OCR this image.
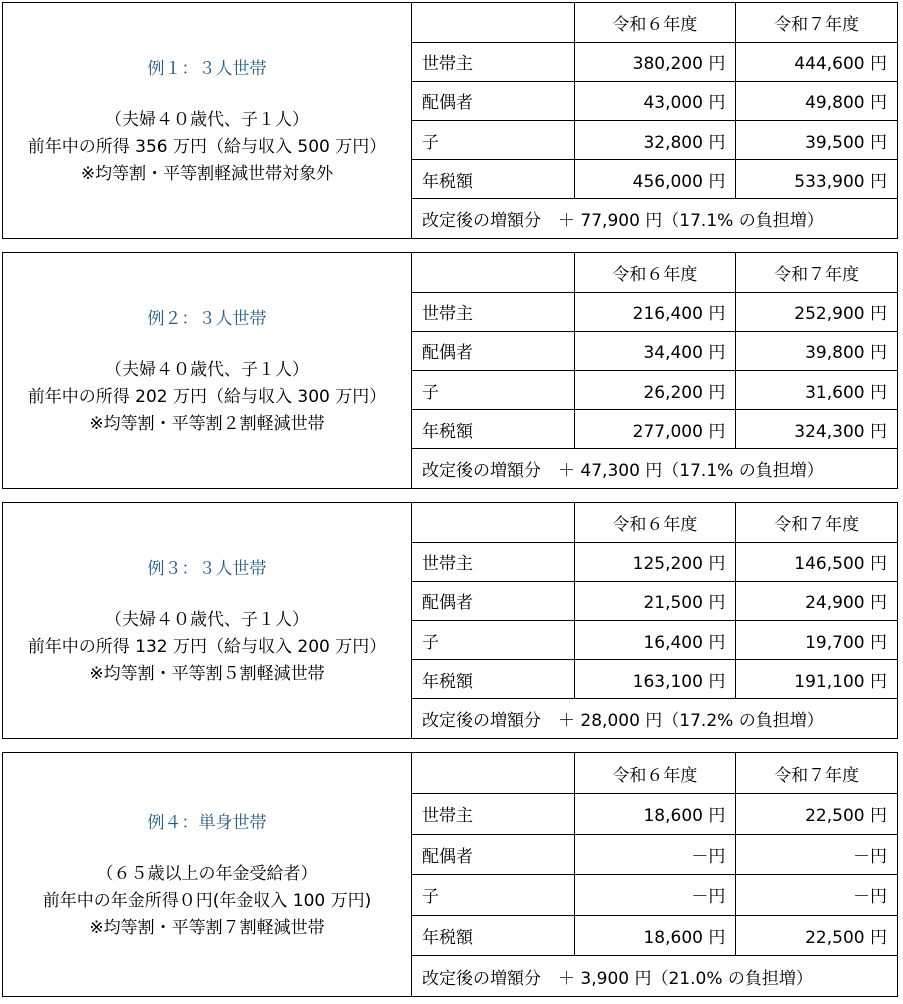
例１：３人世帯
（夫婦４０歳代、子１人）
前年中の所得 356 万円（給与収入 500 万円）
※均等割・平等割軽減世帯対象外
	令和６年度	令和７年度
世帯主	380,200 円	444,600 円
配偶者	43,000 円	49,800 円
子	32,800 円	39,500 円
年税額	456,000 円	533,900 円
改定後の増額分　 ＋ 77,900 円（17.1% の負担増）		
例２：３人世帯
（夫婦４０歳代、子１人）
前年中の所得 202 万円（給与収入 300 万円）
※均等割・平等割２割軽減世帯
	令和６年度	令和７年度
世帯主	216,400 円	252,900 円
配偶者	34,400 円	39,800 円
子	26,200 円	31,600 円
年税額	277,000 円	324,300 円
改定後の増額分　 ＋ 47,300 円（17.1% の負担増）		
例３：３人世帯
（夫婦４０歳代、子１人）
前年中の所得 132 万円（給与収入 200 万円）
※均等割・平等割５割軽減世帯
	令和６年度	令和７年度
世帯主	125,200 円	146,500 円
配偶者	21,500 円	24,900 円
子	16,400 円	19,700 円
年税額	163,100 円	191,100 円
改定後の増額分　 ＋ 28,000 円（17.2% の負担増）		
例４：単身世帯
（６５歳以上の年金受給者）
前年中の年金所得０円(年金収入 100 万円)
※均等割・平等割７割軽減世帯
	令和６年度	令和７年度
世帯主	18,600 円	22,500 円
配偶者	－円	－円
子	－円	－円
年税額	18,600 円	22,500 円
改定後の増額分　 ＋ 3,900 円（21.0% の負担増）		
